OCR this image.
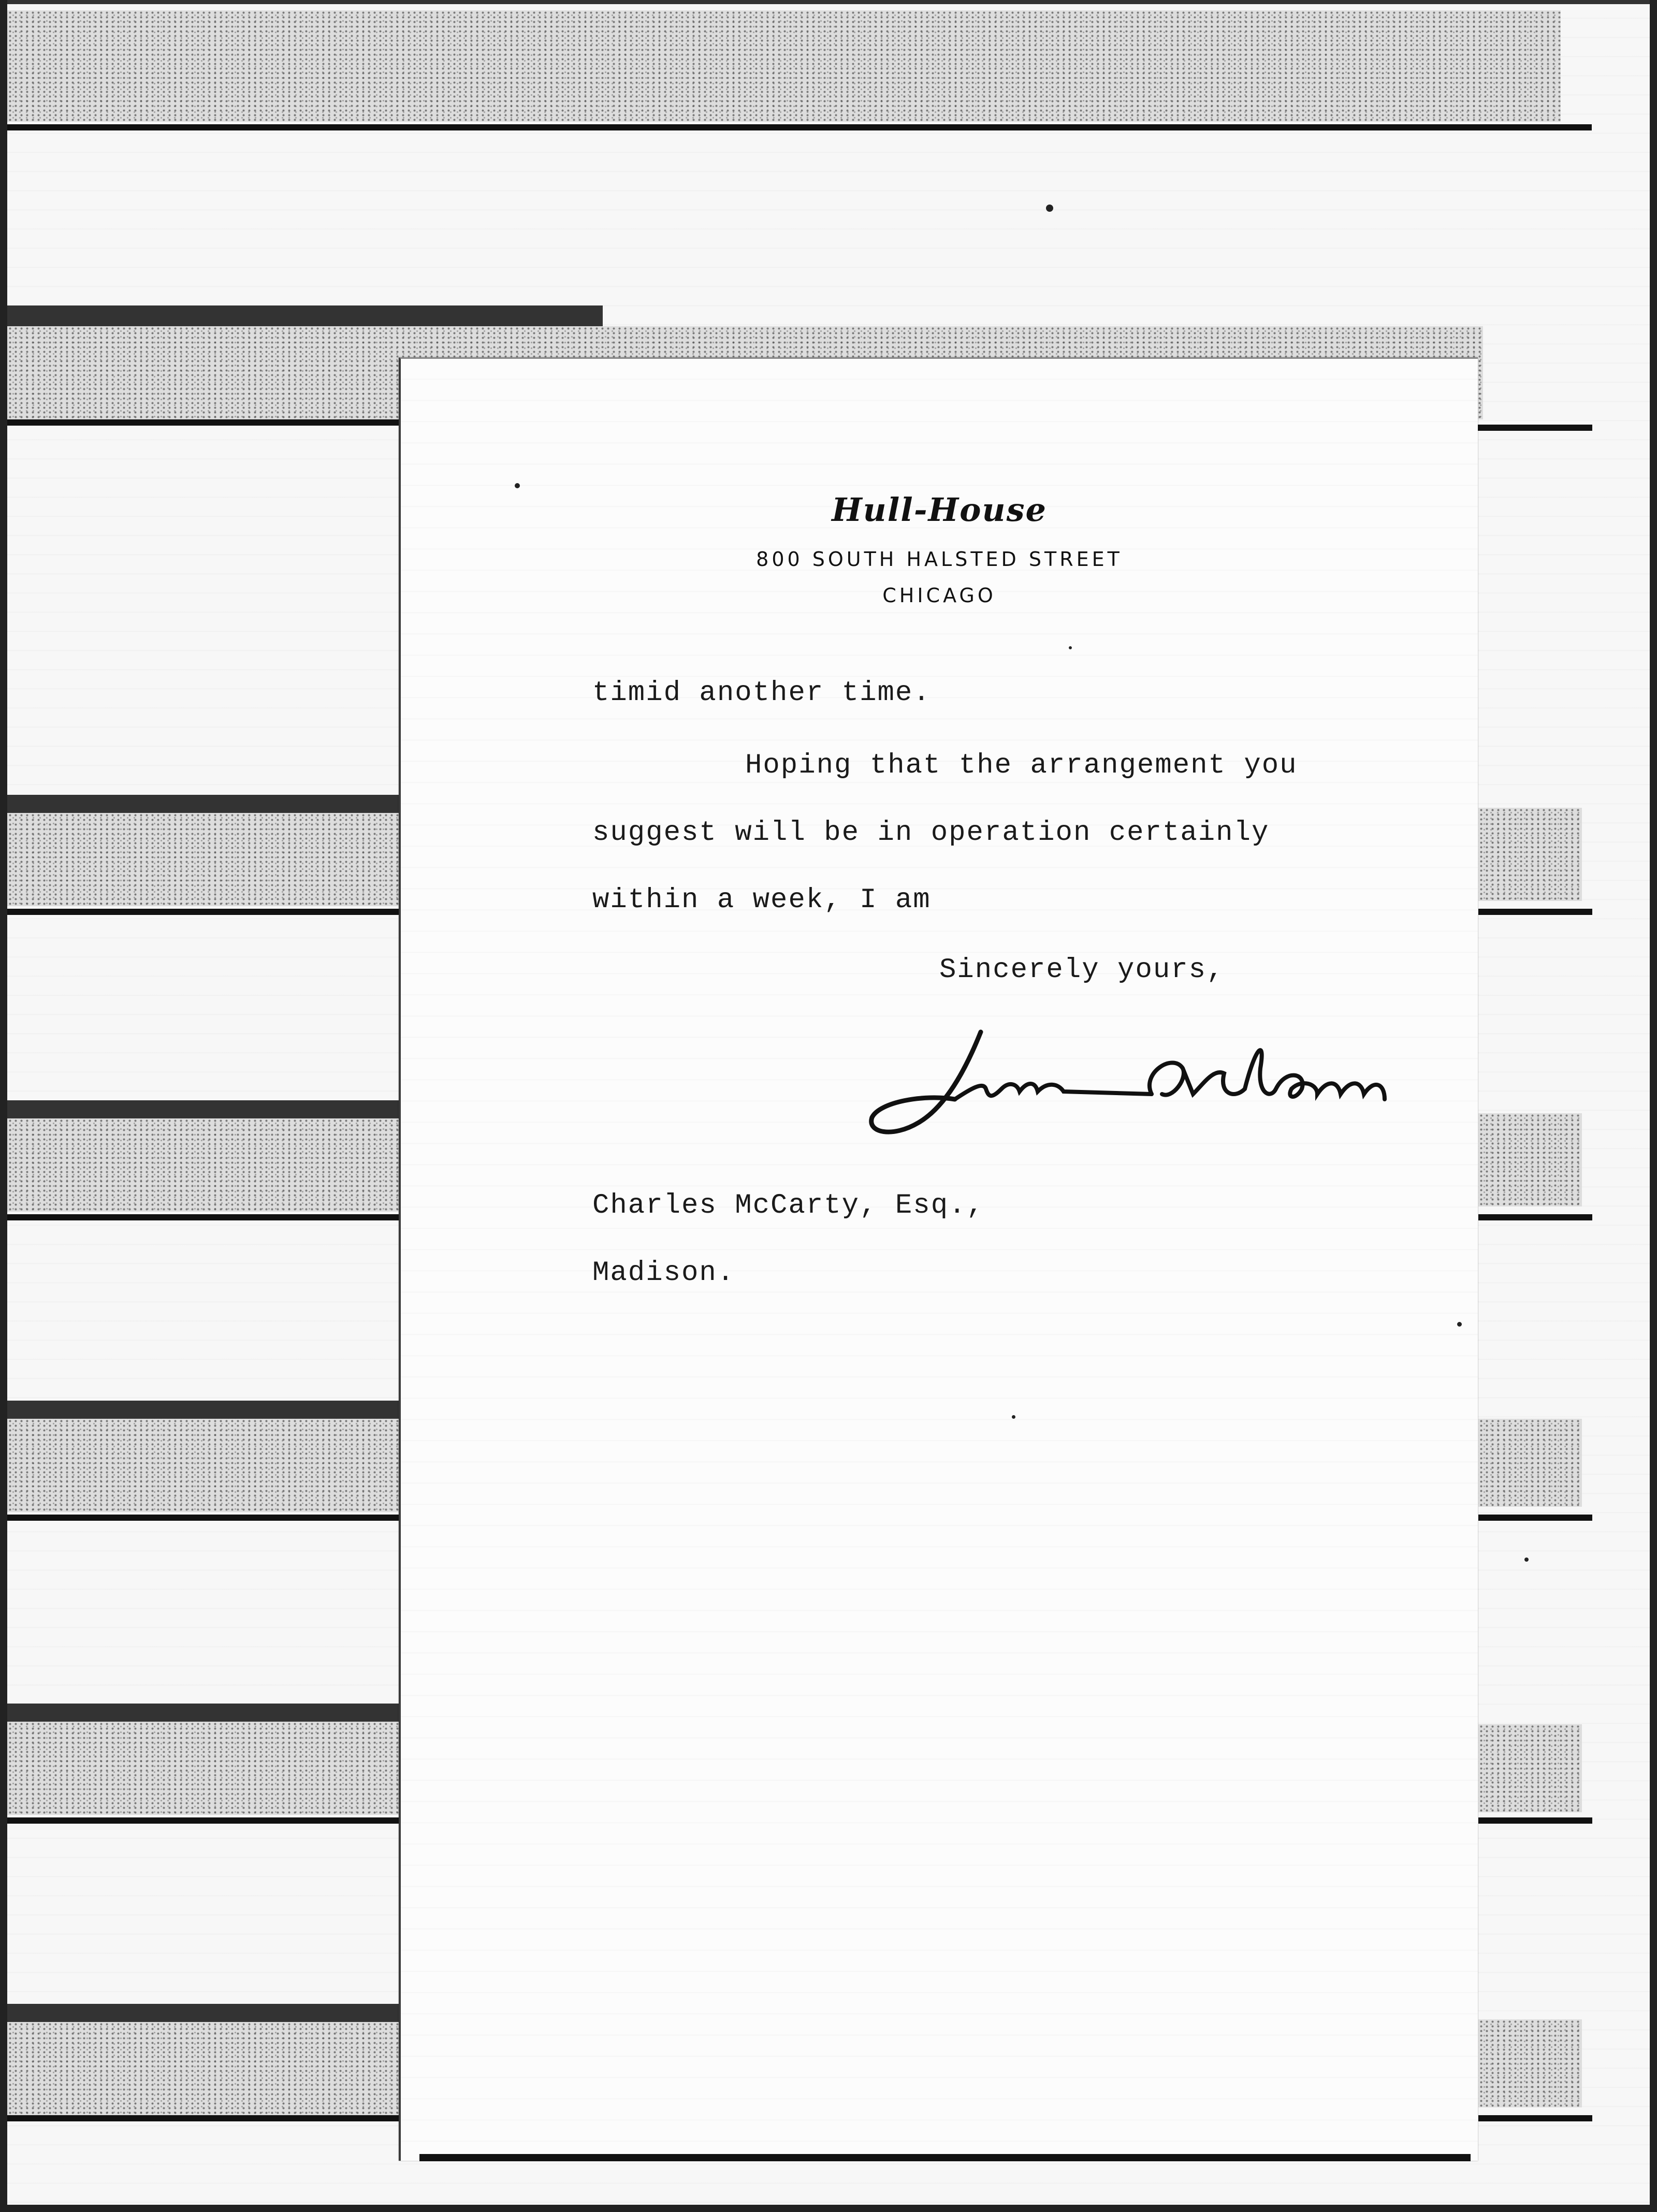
Hull-House
800 SOUTH HALSTED STREET
CHICAGO
timid another time.
Hoping that the arrangement you
suggest will be in operation certainly
within a week, I am
Sincerely yours,
Charles McCarty, Esq.,
Madison.
